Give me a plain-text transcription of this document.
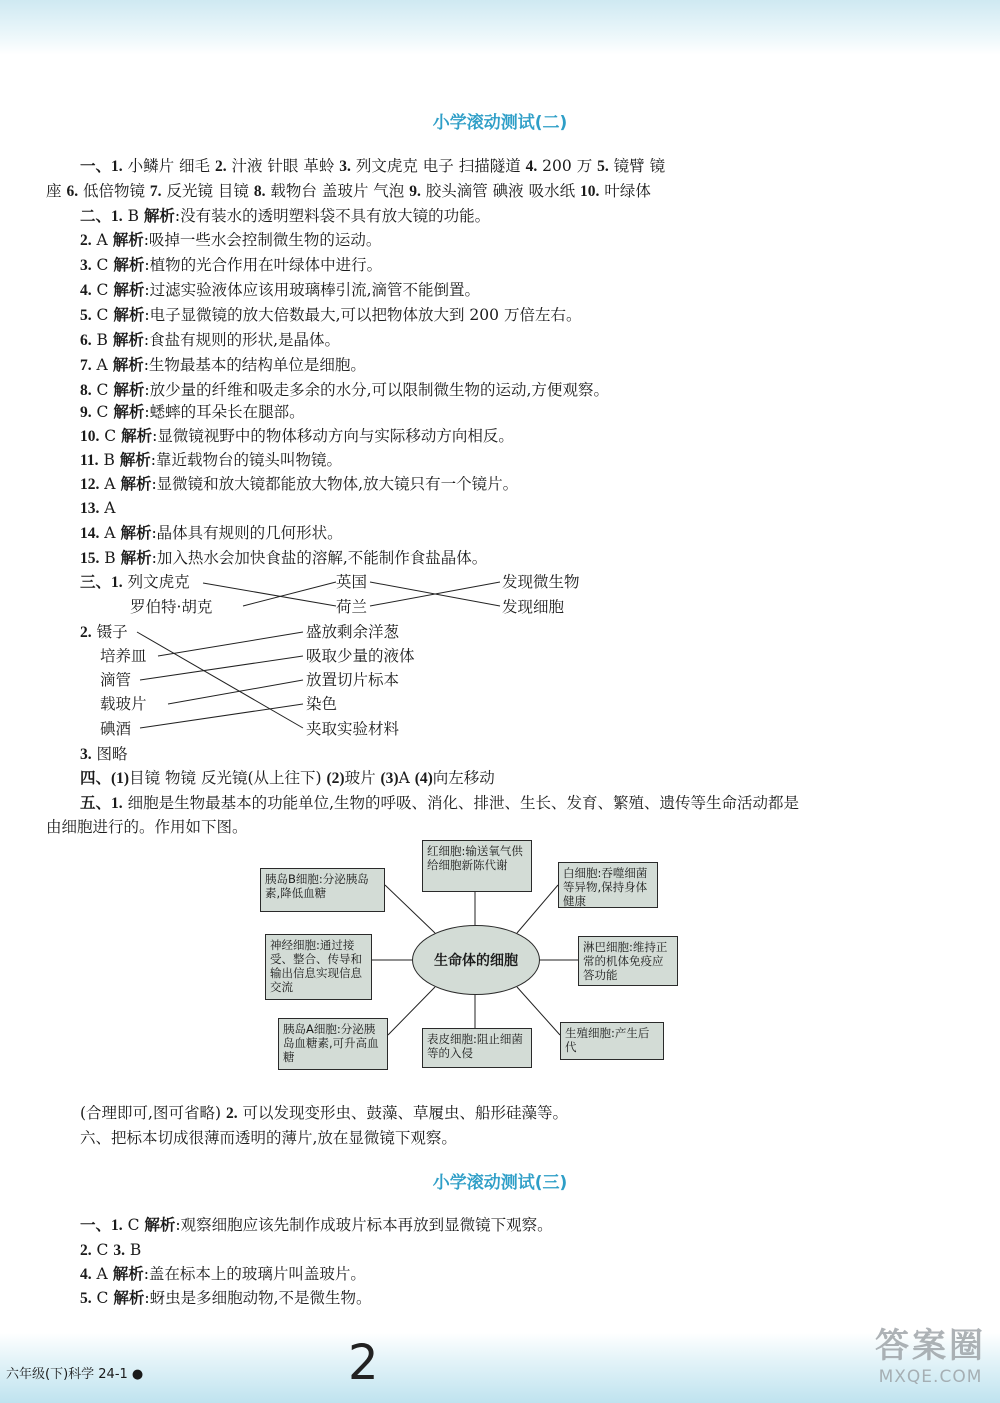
小学滚动测试(二)
一、1. 小鳞片 细毛 2. 汁液 针眼 革蛉 3. 列文虎克 电子 扫描隧道 4. 200 万 5. 镜臂 镜
座 6. 低倍物镜 7. 反光镜 目镜 8. 载物台 盖玻片 气泡 9. 胶头滴管 碘液 吸水纸 10. 叶绿体
二、1. B 解析:没有装水的透明塑料袋不具有放大镜的功能。
2. A 解析:吸掉一些水会控制微生物的运动。
3. C 解析:植物的光合作用在叶绿体中进行。
4. C 解析:过滤实验液体应该用玻璃棒引流,滴管不能倒置。
5. C 解析:电子显微镜的放大倍数最大,可以把物体放大到 200 万倍左右。
6. B 解析:食盐有规则的形状,是晶体。
7. A 解析:生物最基本的结构单位是细胞。
8. C 解析:放少量的纤维和吸走多余的水分,可以限制微生物的运动,方便观察。
9. C 解析:蟋蟀的耳朵长在腿部。
10. C 解析:显微镜视野中的物体移动方向与实际移动方向相反。
11. B 解析:靠近载物台的镜头叫物镜。
12. A 解析:显微镜和放大镜都能放大物体,放大镜只有一个镜片。
13. A
14. A 解析:晶体具有规则的几何形状。
15. B 解析:加入热水会加快食盐的溶解,不能制作食盐晶体。
三、1. 列文虎克
罗伯特·胡克
英国
荷兰
发现微生物
发现细胞
2. 镊子
培养皿
滴管
载玻片
碘酒
盛放剩余洋葱
吸取少量的液体
放置切片标本
染色
夹取实验材料
3. 图略
四、(1)目镜 物镜 反光镜(从上往下) (2)玻片 (3)A (4)向左移动
五、1. 细胞是生物最基本的功能单位,生物的呼吸、消化、排泄、生长、发育、繁殖、遗传等生命活动都是
由细胞进行的。作用如下图。
胰岛B细胞:分泌胰岛素,降低血糖
红细胞:输送氧气供给细胞新陈代谢
白细胞:吞噬细菌等异物,保持身体健康
神经细胞:通过接受、整合、传导和输出信息实现信息交流
淋巴细胞:维持正常的机体免疫应答功能
生命体的细胞
胰岛A细胞:分泌胰岛血糖素,可升高血糖
生殖细胞:产生后代
表皮细胞:阻止细菌等的入侵
(合理即可,图可省略) 2. 可以发现变形虫、鼓藻、草履虫、船形硅藻等。
六、把标本切成很薄而透明的薄片,放在显微镜下观察。
小学滚动测试(三)
一、1. C 解析:观察细胞应该先制作成玻片标本再放到显微镜下观察。
2. C 3. B
4. A 解析:盖在标本上的玻璃片叫盖玻片。
5. C 解析:蚜虫是多细胞动物,不是微生物。
六年级(下)科学 24-1 ●	2	答案圈
MXQE.COM
